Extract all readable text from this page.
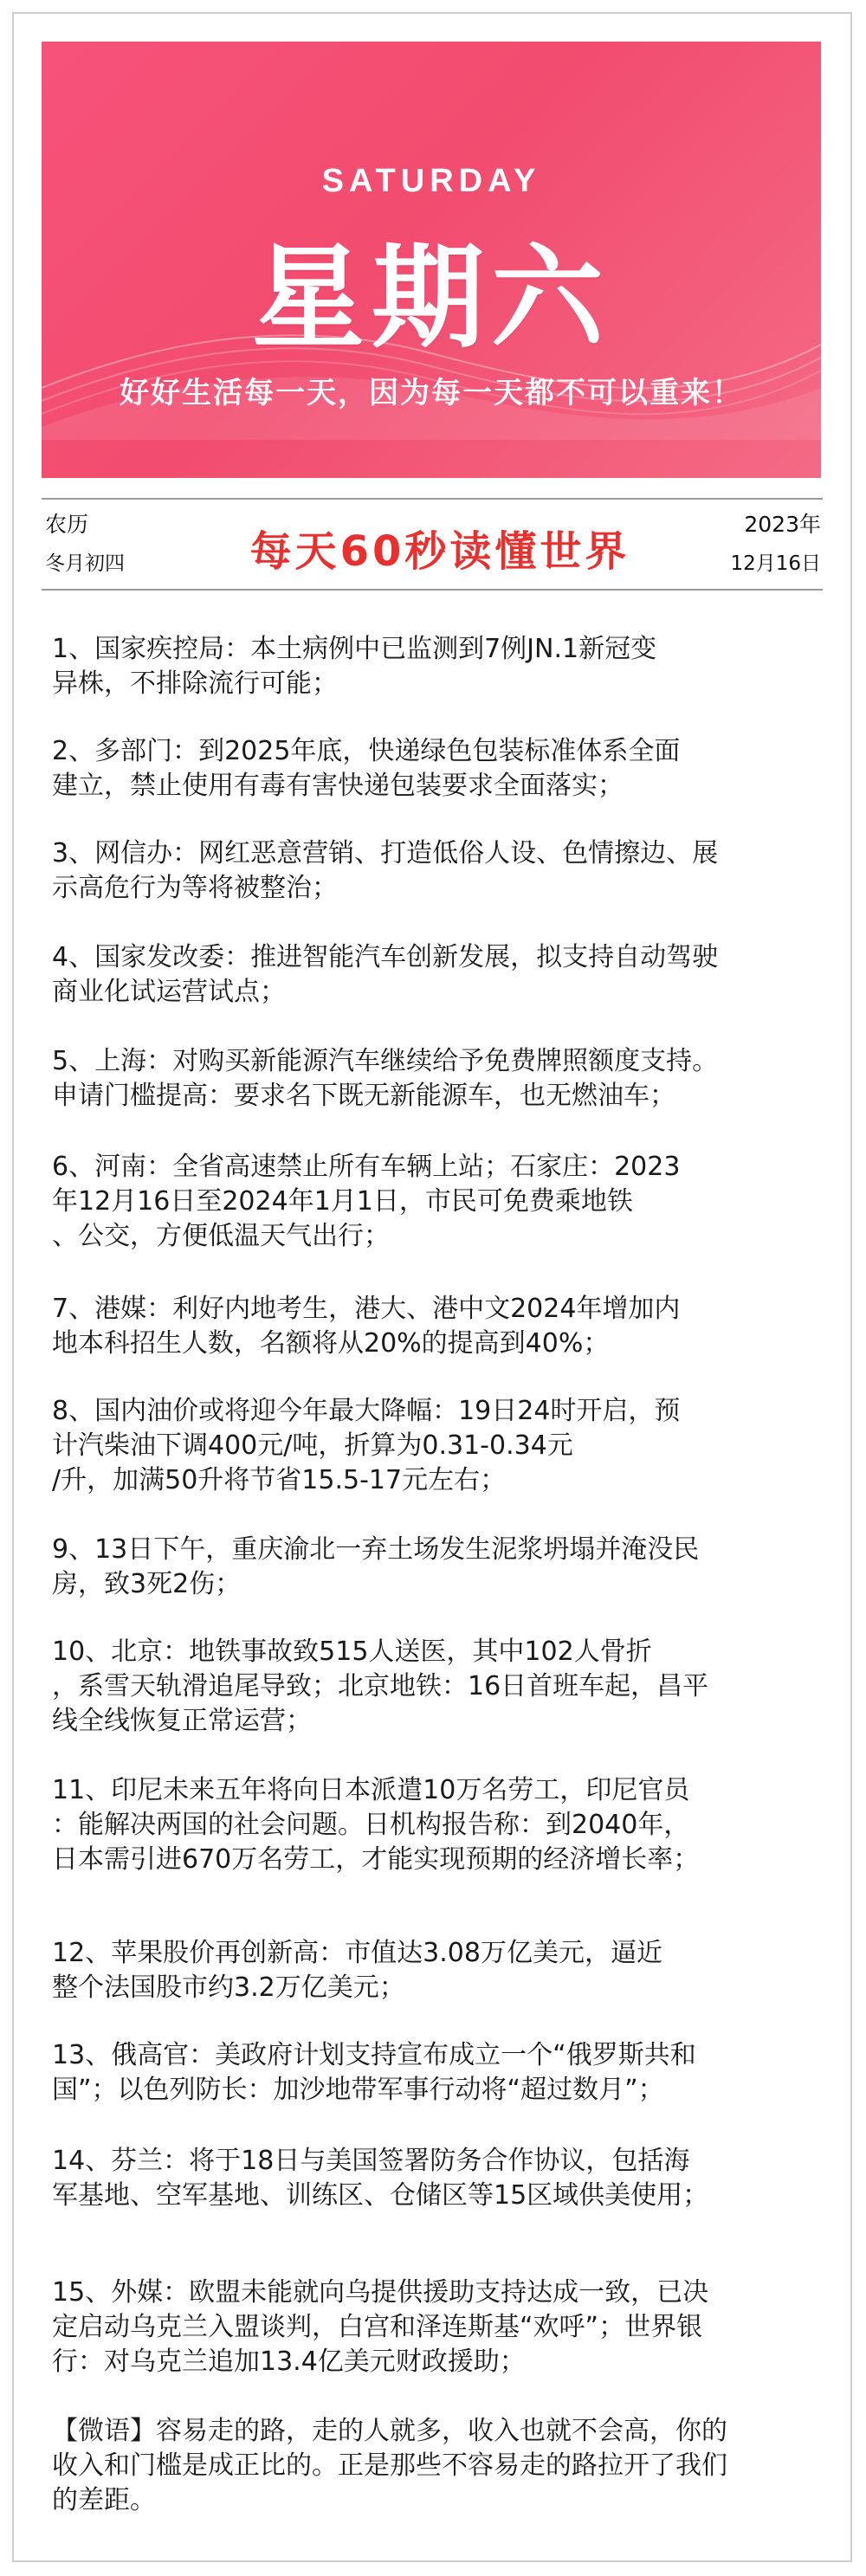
SATURDAY
星期六
好好生活每一天，因为每一天都不可以重来！
农历
冬月初四	每天60秒读懂世界
2023年
12月16日
1、国家疾控局：本土病例中已监测到7例JN.1新冠变
异株，不排除流行可能；
2、多部门：到2025年底，快递绿色包装标准体系全面
建立，禁止使用有毒有害快递包装要求全面落实；
3、网信办：网红恶意营销、打造低俗人设、色情擦边、展
示高危行为等将被整治；
4、国家发改委：推进智能汽车创新发展，拟支持自动驾驶
商业化试运营试点；
5、上海：对购买新能源汽车继续给予免费牌照额度支持。
申请门槛提高：要求名下既无新能源车，也无燃油车；
6、河南：全省高速禁止所有车辆上站；石家庄：2023
年12月16日至2024年1月1日，市民可免费乘地铁
、公交，方便低温天气出行；
7、港媒：利好内地考生，港大、港中文2024年增加内
地本科招生人数，名额将从20%的提高到40%；
8、国内油价或将迎今年最大降幅：19日24时开启，预
计汽柴油下调400元/吨，折算为0.31-0.34元
/升，加满50升将节省15.5-17元左右；
9、13日下午，重庆渝北一弃土场发生泥浆坍塌并淹没民
房，致3死2伤；
10、北京：地铁事故致515人送医，其中102人骨折
，系雪天轨滑追尾导致；北京地铁：16日首班车起，昌平
线全线恢复正常运营；
11、印尼未来五年将向日本派遣10万名劳工，印尼官员
：能解决两国的社会问题。日机构报告称：到2040年，
日本需引进670万名劳工，才能实现预期的经济增长率；
12、苹果股价再创新高：市值达3.08万亿美元，逼近
整个法国股市约3.2万亿美元；
13、俄高官：美政府计划支持宣布成立一个“俄罗斯共和
国”；以色列防长：加沙地带军事行动将“超过数月”；
14、芬兰：将于18日与美国签署防务合作协议，包括海
军基地、空军基地、训练区、仓储区等15区域供美使用；
15、外媒：欧盟未能就向乌提供援助支持达成一致，已决
定启动乌克兰入盟谈判，白宫和泽连斯基“欢呼”；世界银
行：对乌克兰追加13.4亿美元财政援助；
【微语】容易走的路，走的人就多，收入也就不会高，你的
收入和门槛是成正比的。正是那些不容易走的路拉开了我们
的差距。
